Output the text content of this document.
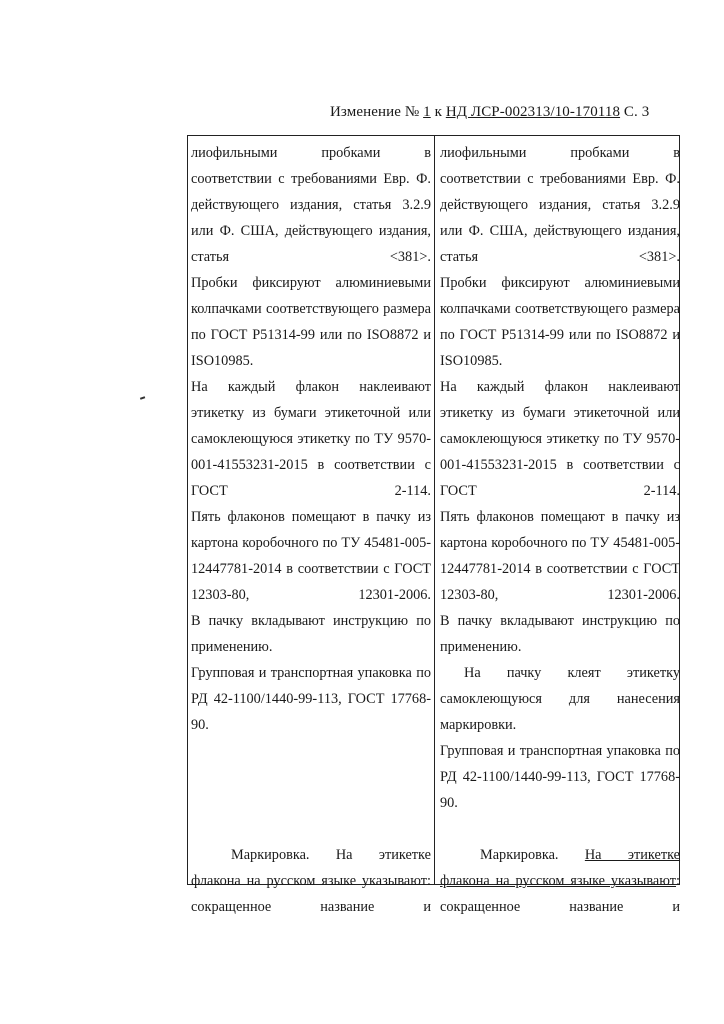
Изменение № 1 к НД ЛСР-002313/10-170118 С. 3

лиофильными пробками в соответствии с требованиями Евр. Ф. действующего издания, статья 3.2.9 или Ф. США, действующего издания, статья <381>.

Пробки фиксируют алюминиевыми колпачками соответствующего размера по ГОСТ Р51314-99 или по ISO8872 и ISO10985.

На каждый флакон наклеивают этикетку из бумаги этикеточной или самоклеющуюся этикетку по ТУ 9570-001-41553231-2015 в соответствии с ГОСТ 2-114.

Пять флаконов помещают в пачку из картона коробочного по ТУ 45481-005-12447781-2014 в соответствии с ГОСТ 12303-80, 12301-2006.

В пачку вкладывают инструкцию по применению.

Групповая и транспортная упаковка по РД 42-1100/1440-99-113, ГОСТ 17768-90.

Маркировка. На этикетке флакона на русском языке указывают: сокращенное название и

лиофильными пробками в соответствии с требованиями Евр. Ф. действующего издания, статья 3.2.9 или Ф. США, действующего издания, статья <381>.

Пробки фиксируют алюминиевыми колпачками соответствующего размера по ГОСТ Р51314-99 или по ISO8872 и ISO10985.

На каждый флакон наклеивают этикетку из бумаги этикеточной или самоклеющуюся этикетку по ТУ 9570-001-41553231-2015 в соответствии с ГОСТ 2-114.

Пять флаконов помещают в пачку из картона коробочного по ТУ 45481-005-12447781-2014 в соответствии с ГОСТ 12303-80, 12301-2006.

В пачку вкладывают инструкцию по применению.

На пачку клеят этикетку самоклеющуюся для нанесения маркировки.

Групповая и транспортная упаковка по РД 42-1100/1440-99-113, ГОСТ 17768-90.

Маркировка. На этикетке флакона на русском языке указывают: сокращенное название и
